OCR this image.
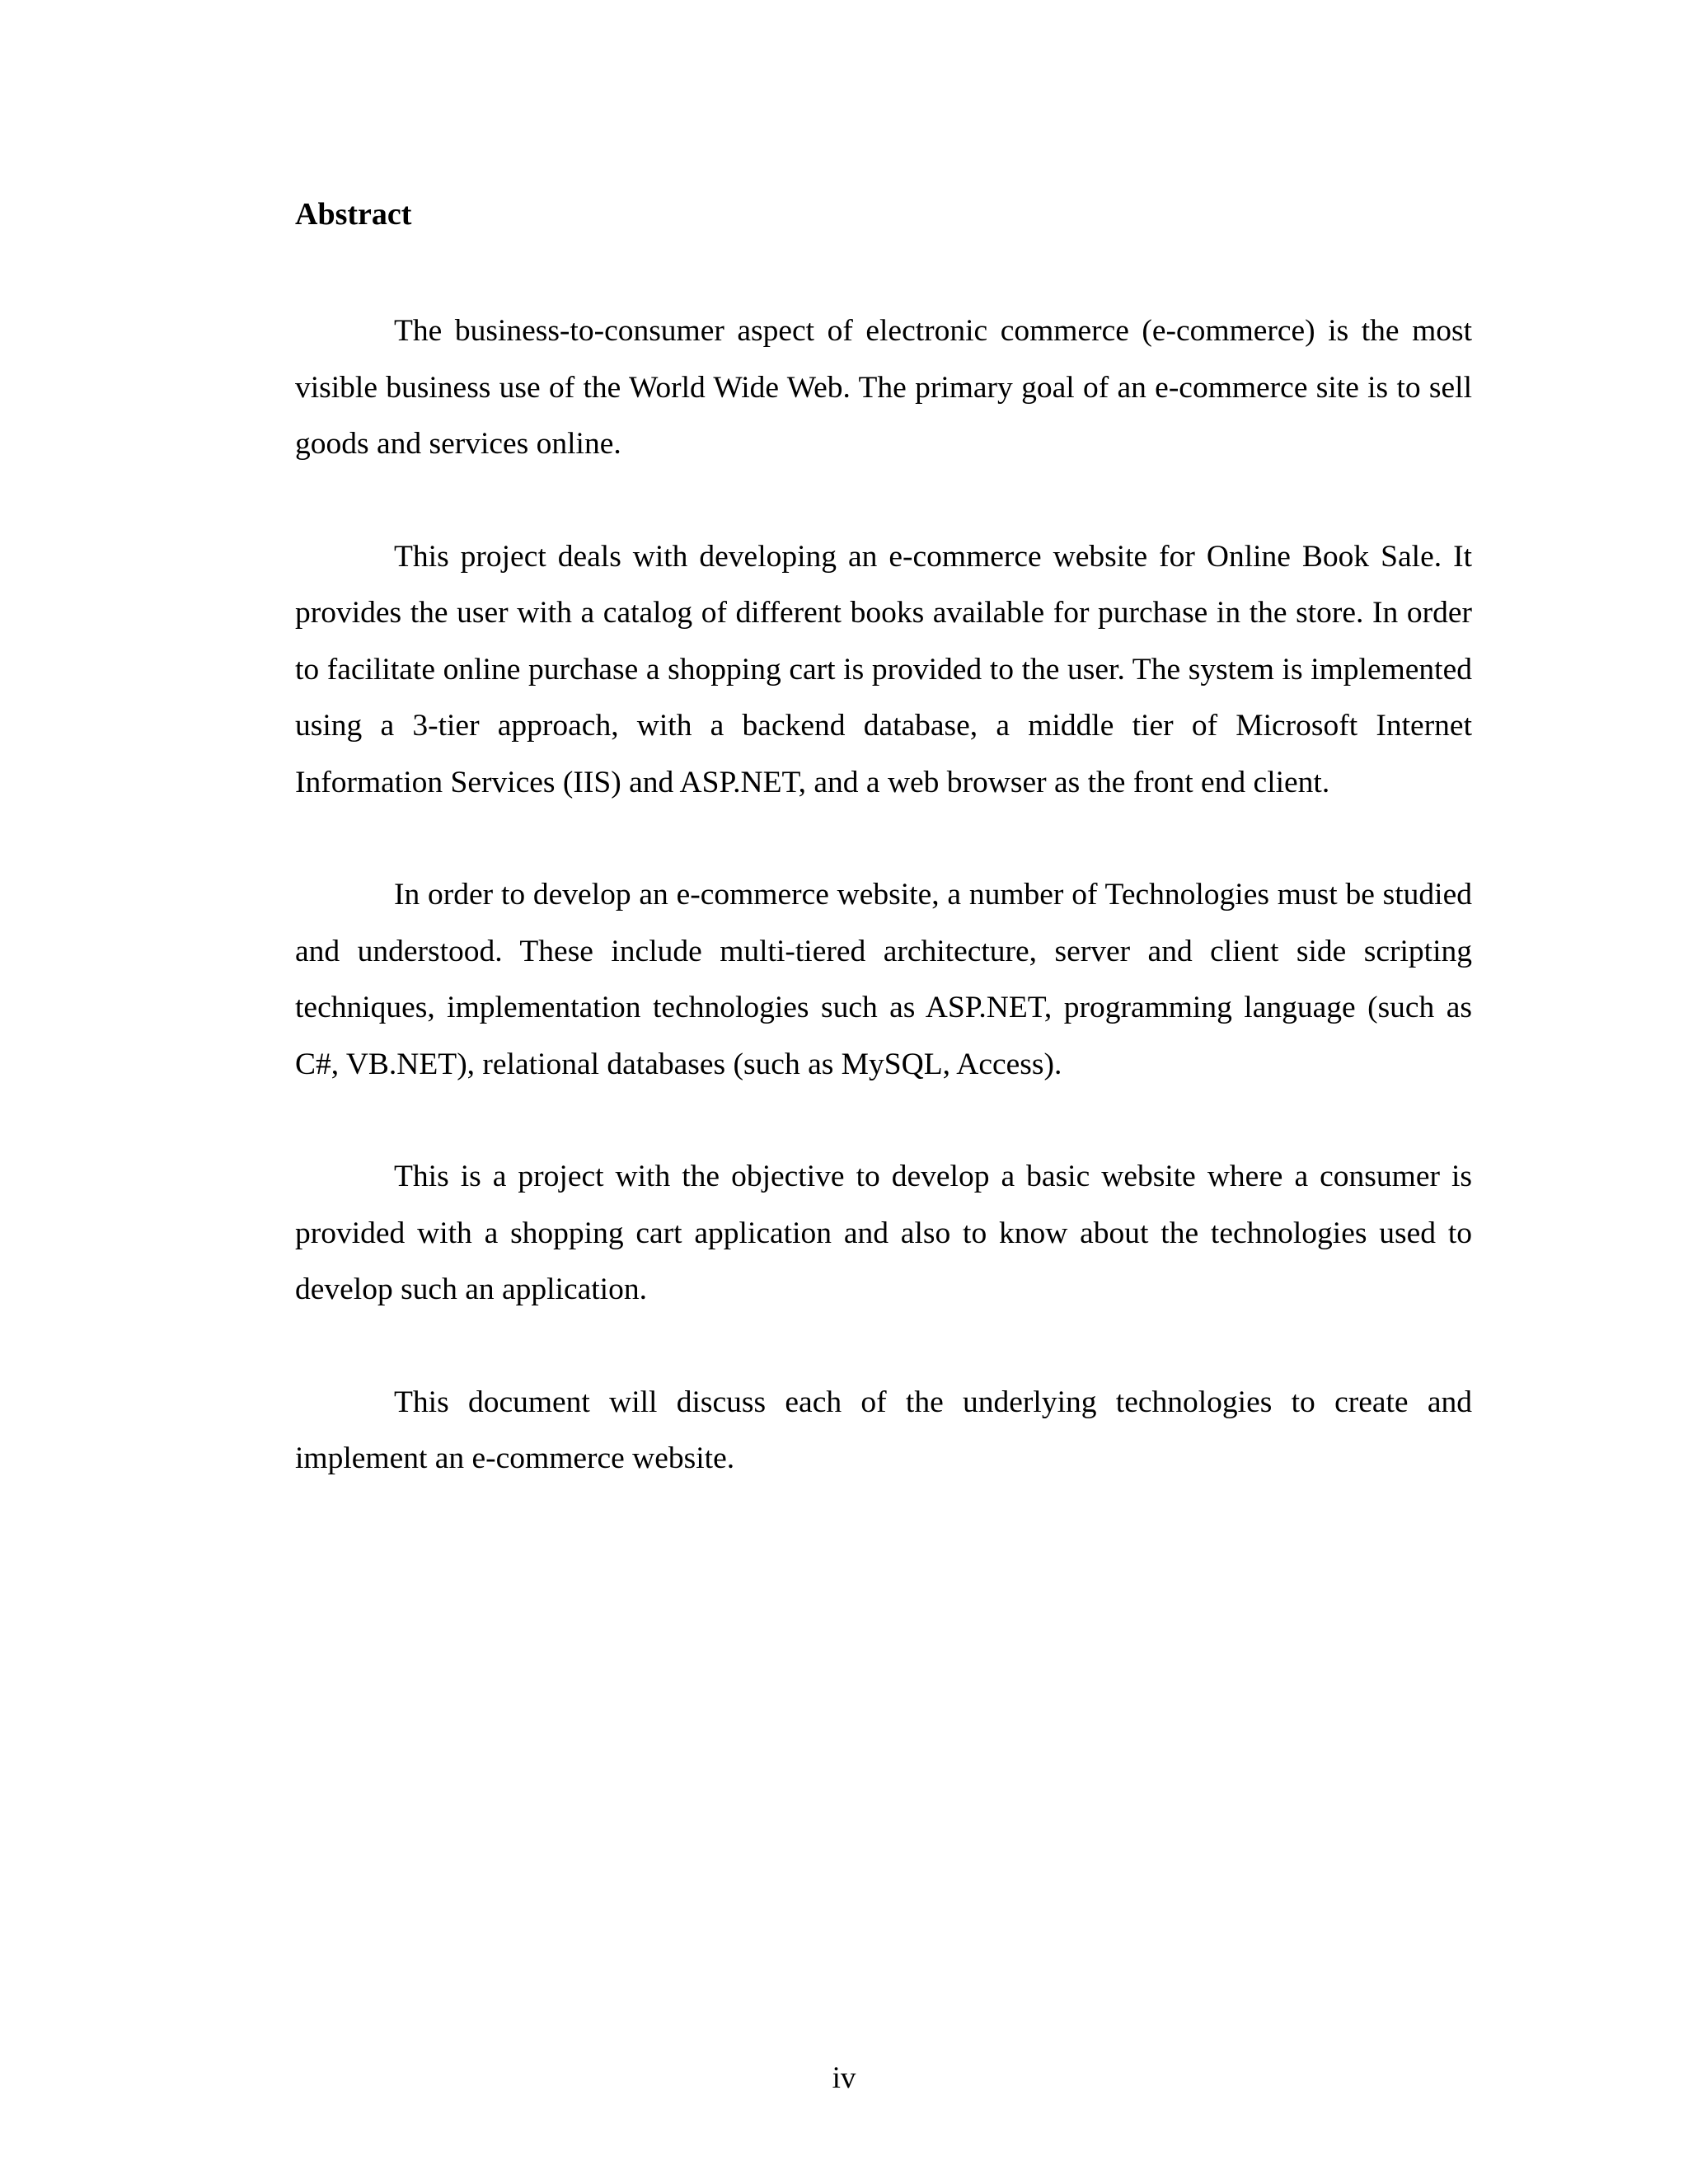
Abstract

The business-to-consumer aspect of electronic commerce (e-commerce) is the most visible business use of the World Wide Web. The primary goal of an e-commerce site is to sell goods and services online.

This project deals with developing an e-commerce website for Online Book Sale. It provides the user with a catalog of different books available for purchase in the store. In order to facilitate online purchase a shopping cart is provided to the user. The system is implemented using a 3-tier approach, with a backend database, a middle tier of Microsoft Internet Information Services (IIS) and ASP.NET, and a web browser as the front end client.

In order to develop an e-commerce website, a number of Technologies must be studied and understood. These include multi-tiered architecture, server and client side scripting techniques, implementation technologies such as ASP.NET, programming language (such as C#, VB.NET), relational databases (such as MySQL, Access).

This is a project with the objective to develop a basic website where a consumer is provided with a shopping cart application and also to know about the technologies used to develop such an application.

This document will discuss each of the underlying technologies to create and implement an e-commerce website.

iv
